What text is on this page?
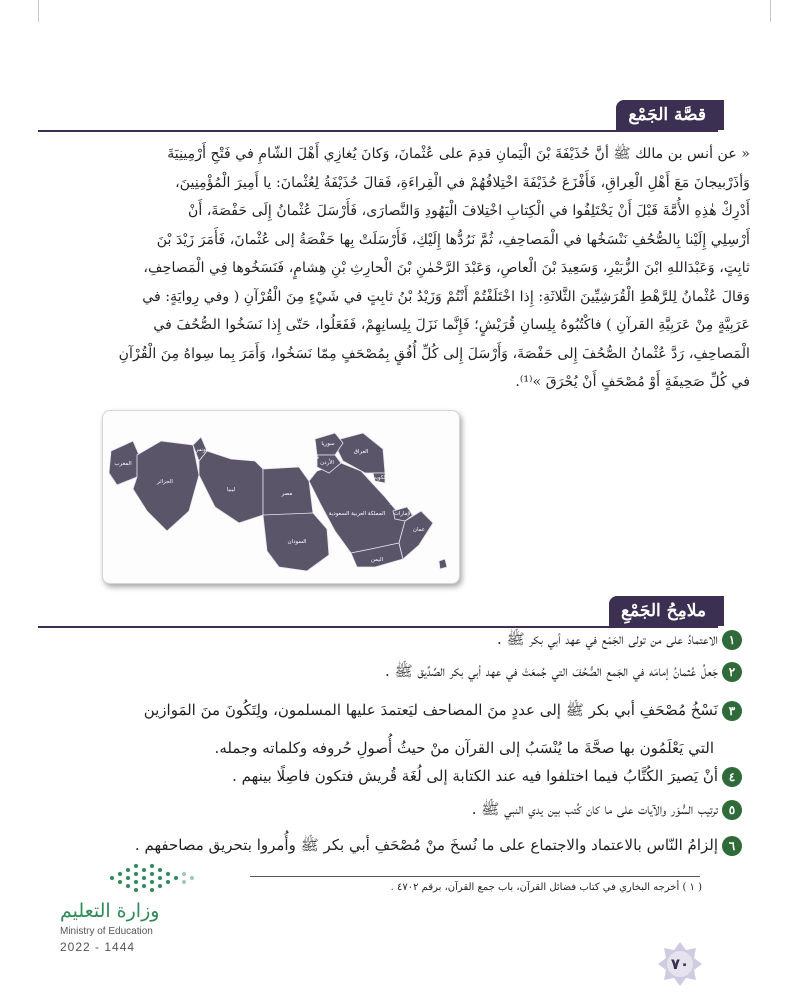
قصَّة الجَمْع
« عن أنس بن مالك ﷺ أنَّ حُذَيْفَةَ بْنَ الْيَمانِ قدِمَ على عُثْمانَ، وَكانَ يُغازِي أَهْلَ الشّامِ في فَتْحِ أَرْمِينِيَةَ
وَأذَرْبيجانَ مَعَ أَهْلِ الْعِراقِ، فَأَفْزَعَ حُذَيْفَةَ اخْتِلافُهُمْ في الْقِراءَةِ، فَقالَ حُذَيْفَةُ لِعُثْمانَ: يا أَمِيرَ الْمُؤْمِنِينَ،
أَدْرِكْ هٰذِهِ الأُمَّةَ قَبْلَ أَنْ يَخْتَلِفُوا في الْكِتابِ اخْتِلافَ الْيَهُودِ وَالنَّصارَى، فَأَرْسَلَ عُثْمانُ إِلَى حَفْصَةَ، أَنْ
أَرْسِلِي إِلَيْنا بِالصُّحُفِ نَنْسَخُها في الْمَصاحِفِ، ثُمَّ نَرُدُّها إِلَيْكِ، فَأَرْسَلَتْ بِها حَفْصَةُ إلى عُثْمانَ، فَأَمَرَ زَيْدَ بْنَ
ثابِتٍ، وَعَبْدَاللهِ ابْنَ الزُّبَيْرِ، وَسَعِيدَ بْنَ الْعاصِ، وَعَبْدَ الرَّحْمٰنِ بْنَ الْحارِثِ بْنِ هِشامٍ، فَنَسَخُوها فِي الْمَصاحِفِ،
وَقالَ عُثْمانُ لِلرَّهْطِ الْقُرَشِيِّينَ الثَّلاثَةِ: إِذا اخْتَلَفْتُمْ أَنْتُمْ وَزَيْدُ بْنُ ثابِتٍ في شَيْءٍ مِنَ الْقُرْآنِ ( وفي رِوايَةٍ: في
عَرَبِيَّةٍ مِنْ عَرَبِيَّةِ القرآنِ ) فاكْتُبُوهُ بِلِسانِ قُرَيْشٍ؛ فَإِنَّما نَزَلَ بِلِسانِهِمْ، فَفَعَلُوا، حَتّى إِذا نَسَخُوا الصُّحُفَ في
الْمَصاحِفِ، رَدَّ عُثْمانُ الصُّحُفَ إِلى حَفْصَةَ، وَأَرْسَلَ إِلى كُلِّ أُفُقٍ بِمُصْحَفٍ مِمّا نَسَخُوا، وَأَمَرَ بِما سِواهُ مِنَ الْقُرْآنِ
في كُلِّ صَحِيفَةٍ أَوْ مُصْحَفٍ أَنْ يُحْرَقَ »⁽¹⁾.
المغرب
الجزائر
تونس
ليبيا
مصر
السودان
الأردن
سوريا
العراق
لبنان
فلسطين
الكويت
البحرين
قطر
الإمارات
عمان
المملكة العربية السعودية
اليمن
ملامِحُ الجَمْعِ
١الاعتمادُ على من تولى الجَمْع في عهد أبي بكر ﷺ .
٢جَعلُ عُثمانُ إمامَه في الجَمع الصُّحُفَ التي جُمعَتْ في عهد أبي بكر الصِّدِّيق ﷺ .
٣نَسْخُ مُصْحَفِ أبي بكر ﷺ إلى عددٍ منَ المصاحف ليَعتمدَ عليها المسلمون، ولِتَكُونَ منَ المَوازين
التي يَعْلَمُون بها صحَّةَ ما يُنْسَبُ إلى القرآن منْ حيثُ أُصولِ حُروفه وكلماته وجمله.
٤أنْ يَصيرَ الكُتَّابُ فيما اختلفوا فيه عند الكتابة إلى لُغَة قُريش فتكون فاصِلًا بينهم .
٥ترتيب السُّوَر والآيات على ما كان كُتب بين يدي النبي ﷺ .
٦إلزامُ النّاس بالاعتماد والاجتماع على ما نُسخَ منْ مُصْحَفِ أبي بكر ﷺ وأُمروا بتحريق مصاحفهم .
( ١ ) أخرجه البخاري في كتاب فضائل القرآن، باب جمع القرآن، برقم ٤٧٠٢ .
وزارة التعليم
Ministry of Education
2022 - 1444
٧٠
